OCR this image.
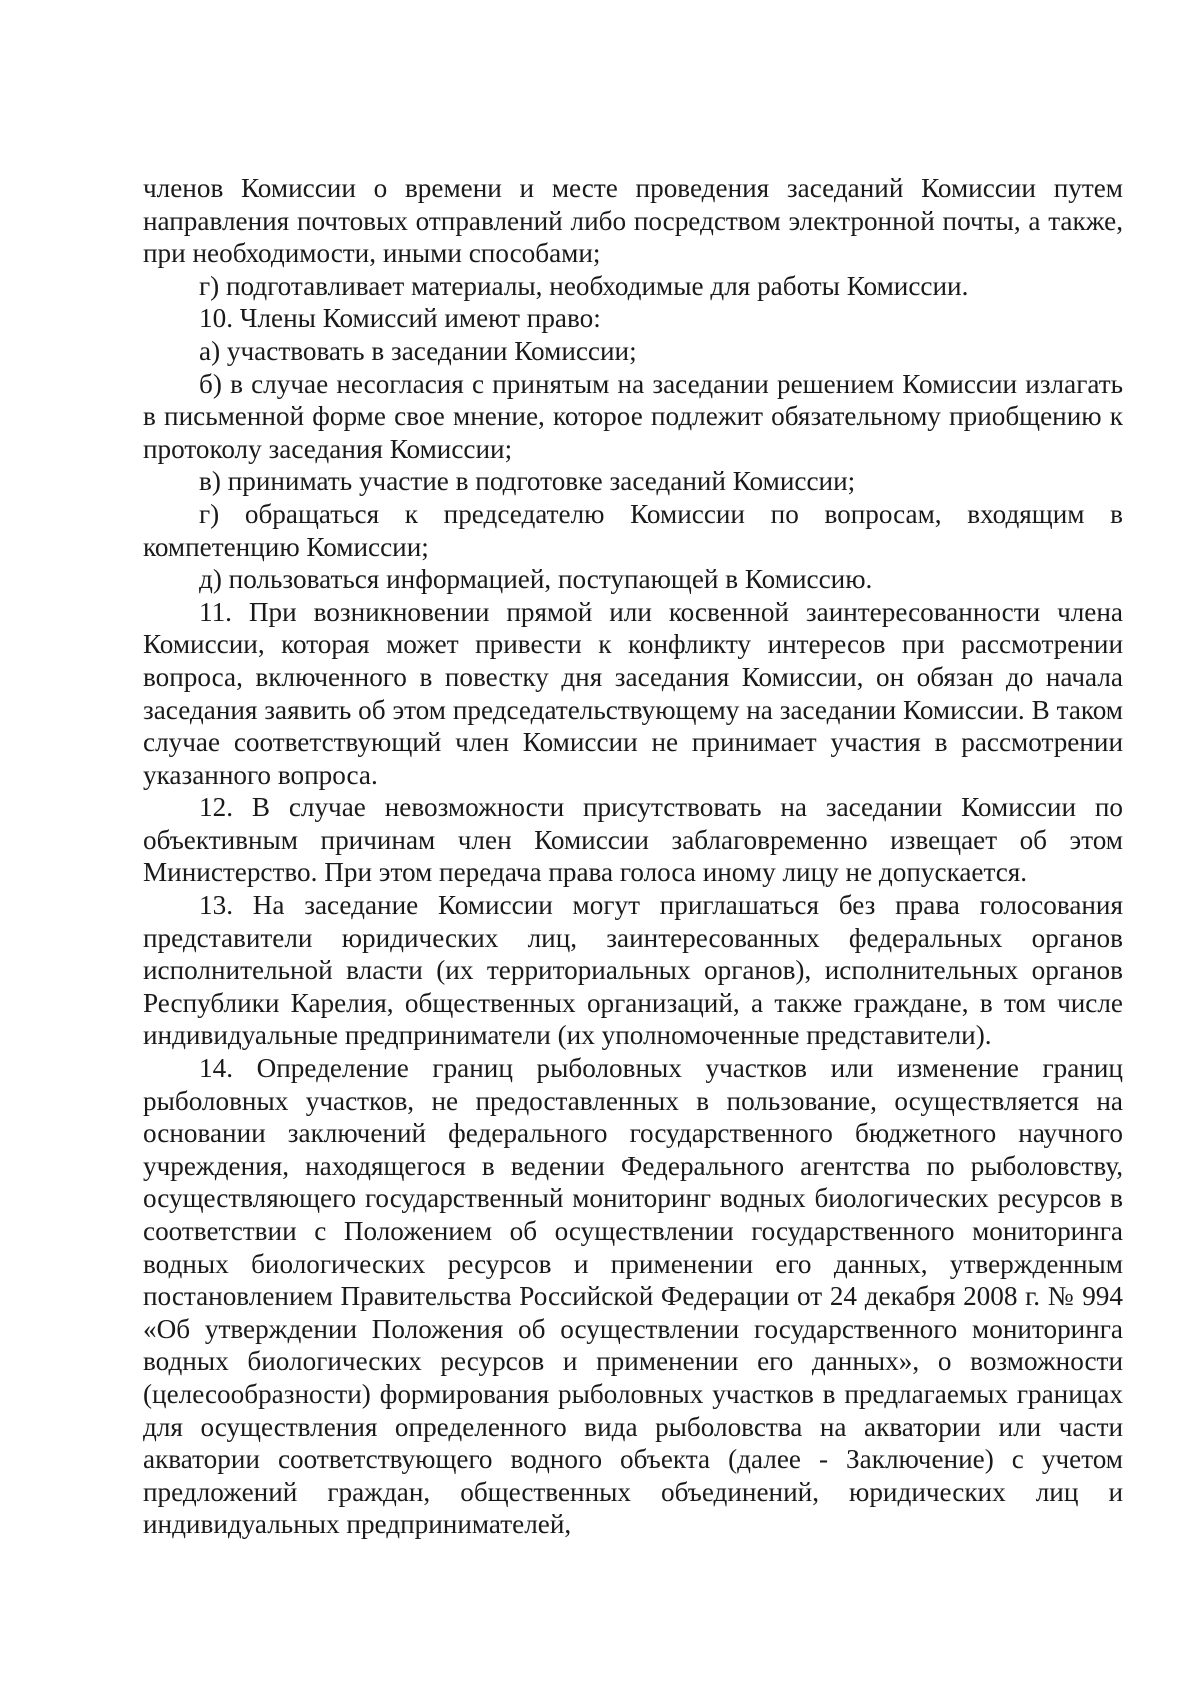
членов Комиссии о времени и месте проведения заседаний Комиссии путем направления почтовых отправлений либо посредством электронной почты, а также, при необходимости, иными способами;

г) подготавливает материалы, необходимые для работы Комиссии.

10. Члены Комиссий имеют право:

а) участвовать в заседании Комиссии;

б) в случае несогласия с принятым на заседании решением Комиссии излагать в письменной форме свое мнение, которое подлежит обязательному приобщению к протоколу заседания Комиссии;

в) принимать участие в подготовке заседаний Комиссии;

г) обращаться к председателю Комиссии по вопросам, входящим в компетенцию Комиссии;

д) пользоваться информацией, поступающей в Комиссию.

11. При возникновении прямой или косвенной заинтересованности члена Комиссии, которая может привести к конфликту интересов при рассмотрении вопроса, включенного в повестку дня заседания Комиссии, он обязан до начала заседания заявить об этом председательствующему на заседании Комиссии. В таком случае соответствующий член Комиссии не принимает участия в рассмотрении указанного вопроса.

12. В случае невозможности присутствовать на заседании Комиссии по объективным причинам член Комиссии заблаговременно извещает об этом Министерство. При этом передача права голоса иному лицу не допускается.

13. На заседание Комиссии могут приглашаться без права голосования представители юридических лиц, заинтересованных федеральных органов исполнительной власти (их территориальных органов), исполнительных органов Республики Карелия, общественных организаций, а также граждане, в том числе индивидуальные предприниматели (их уполномоченные представители).

14. Определение границ рыболовных участков или изменение границ рыболовных участков, не предоставленных в пользование, осуществляется на основании заключений федерального государственного бюджетного научного учреждения, находящегося в ведении Федерального агентства по рыболовству, осуществляющего государственный мониторинг водных биологических ресурсов в соответствии с Положением об осуществлении государственного мониторинга водных биологических ресурсов и применении его данных, утвержденным постановлением Правительства Российской Федерации от 24 декабря 2008 г. № 994 «Об утверждении Положения об осуществлении государственного мониторинга водных биологических ресурсов и применении его данных», о возможности (целесообразности) формирования рыболовных участков в предлагаемых границах для осуществления определенного вида рыболовства на акватории или части акватории соответствующего водного объекта (далее - Заключение) с учетом предложений граждан, общественных объединений, юридических лиц и индивидуальных предпринимателей,
